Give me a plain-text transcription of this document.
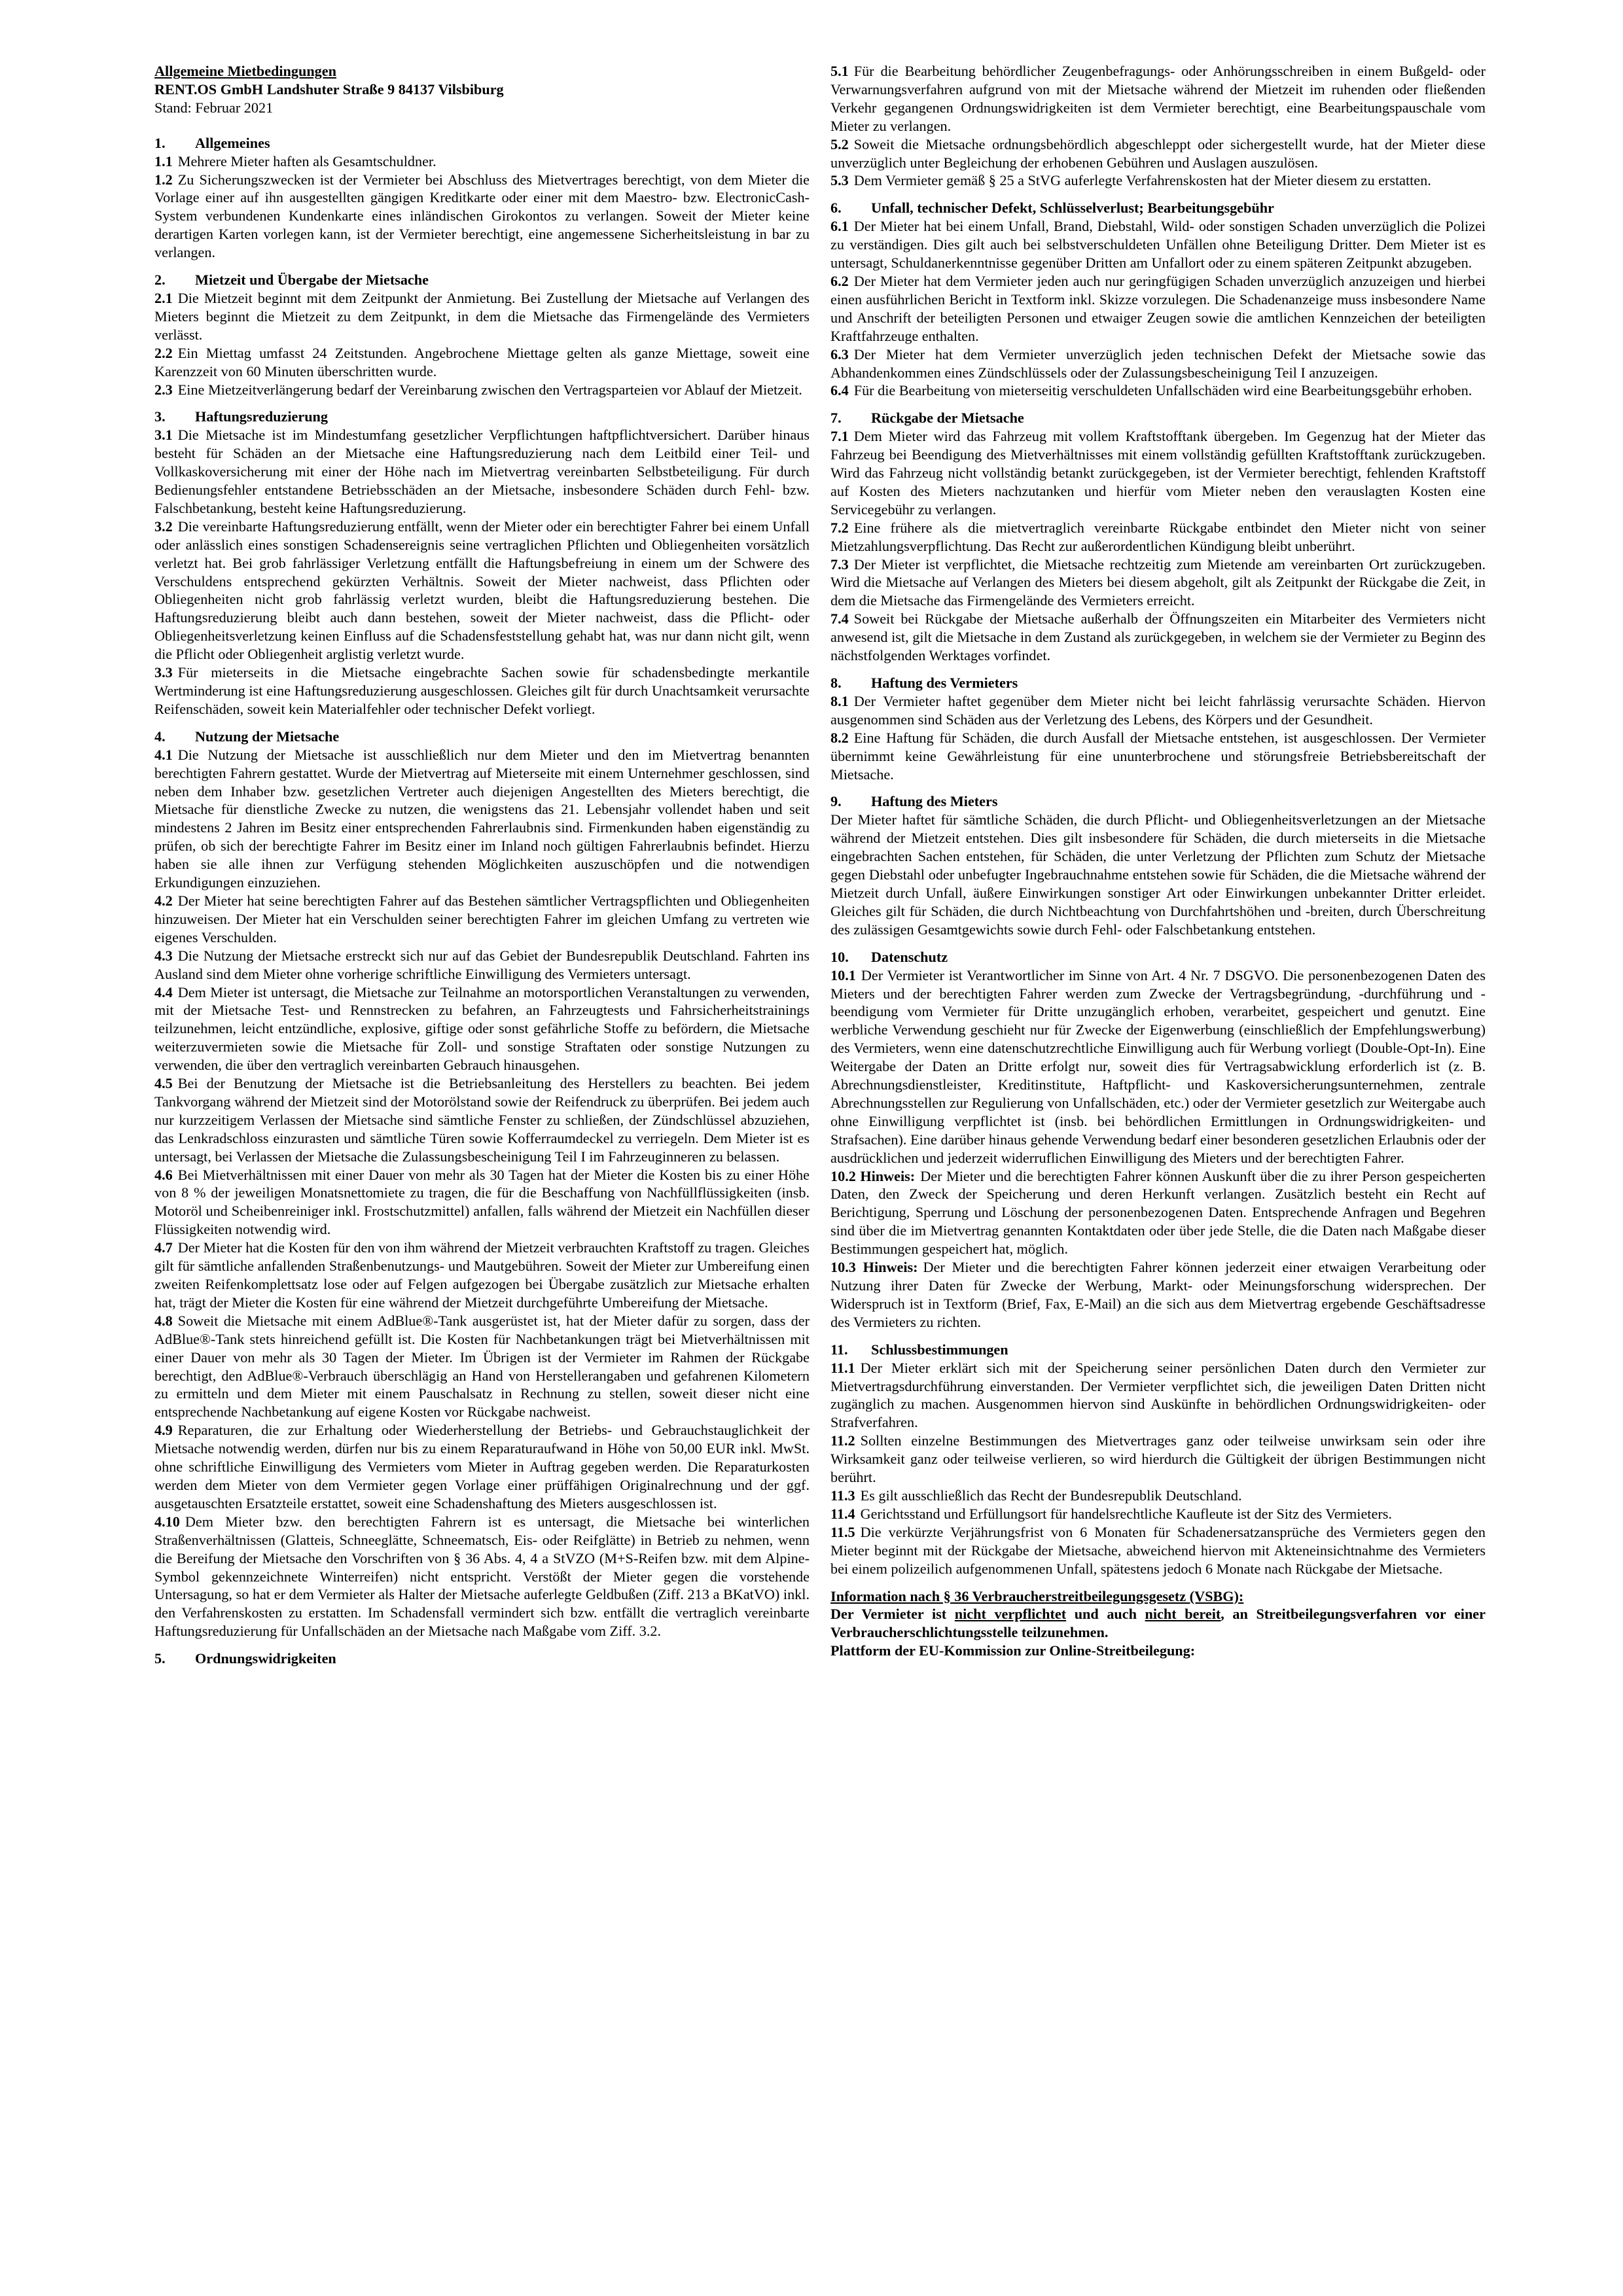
Allgemeine Mietbedingungen

RENT.OS GmbH Landshuter Straße 9 84137 Vilsbiburg

Stand: Februar 2021

1. Allgemeines

1.1 Mehrere Mieter haften als Gesamtschuldner.

1.2 Zu Sicherungszwecken ist der Vermieter bei Abschluss des Mietvertrages berechtigt, von dem Mieter die Vorlage einer auf ihn ausgestellten gängigen Kreditkarte oder einer mit dem Maestro- bzw. ElectronicCash-System verbundenen Kundenkarte eines inländischen Girokontos zu verlangen. Soweit der Mieter keine derartigen Karten vorlegen kann, ist der Vermieter berechtigt, eine angemessene Sicherheitsleistung in bar zu verlangen.

2. Mietzeit und Übergabe der Mietsache

2.1 Die Mietzeit beginnt mit dem Zeitpunkt der Anmietung. Bei Zustellung der Mietsache auf Verlangen des Mieters beginnt die Mietzeit zu dem Zeitpunkt, in dem die Mietsache das Firmengelände des Vermieters verlässt.

2.2 Ein Miettag umfasst 24 Zeitstunden. Angebrochene Miettage gelten als ganze Miettage, soweit eine Karenzzeit von 60 Minuten überschritten wurde.

2.3 Eine Mietzeitverlängerung bedarf der Vereinbarung zwischen den Vertragsparteien vor Ablauf der Mietzeit.

3. Haftungsreduzierung

3.1 Die Mietsache ist im Mindestumfang gesetzlicher Verpflichtungen haftpflichtversichert. Darüber hinaus besteht für Schäden an der Mietsache eine Haftungsreduzierung nach dem Leitbild einer Teil- und Vollkaskoversicherung mit einer der Höhe nach im Mietvertrag vereinbarten Selbstbeteiligung. Für durch Bedienungsfehler entstandene Betriebsschäden an der Mietsache, insbesondere Schäden durch Fehl- bzw. Falschbetankung, besteht keine Haftungsreduzierung.

3.2 Die vereinbarte Haftungsreduzierung entfällt, wenn der Mieter oder ein berechtigter Fahrer bei einem Unfall oder anlässlich eines sonstigen Schadensereignis seine vertraglichen Pflichten und Obliegenheiten vorsätzlich verletzt hat. Bei grob fahrlässiger Verletzung entfällt die Haftungsbefreiung in einem um der Schwere des Verschuldens entsprechend gekürzten Verhältnis. Soweit der Mieter nachweist, dass Pflichten oder Obliegenheiten nicht grob fahrlässig verletzt wurden, bleibt die Haftungsreduzierung bestehen. Die Haftungsreduzierung bleibt auch dann bestehen, soweit der Mieter nachweist, dass die Pflicht- oder Obliegenheitsverletzung keinen Einfluss auf die Schadensfeststellung gehabt hat, was nur dann nicht gilt, wenn die Pflicht oder Obliegenheit arglistig verletzt wurde.

3.3 Für mieterseits in die Mietsache eingebrachte Sachen sowie für schadensbedingte merkantile Wertminderung ist eine Haftungsreduzierung ausgeschlossen. Gleiches gilt für durch Unachtsamkeit verursachte Reifenschäden, soweit kein Materialfehler oder technischer Defekt vorliegt.

4. Nutzung der Mietsache

4.1 Die Nutzung der Mietsache ist ausschließlich nur dem Mieter und den im Mietvertrag benannten berechtigten Fahrern gestattet. Wurde der Mietvertrag auf Mieterseite mit einem Unternehmer geschlossen, sind neben dem Inhaber bzw. gesetzlichen Vertreter auch diejenigen Angestellten des Mieters berechtigt, die Mietsache für dienstliche Zwecke zu nutzen, die wenigstens das 21. Lebensjahr vollendet haben und seit mindestens 2 Jahren im Besitz einer entsprechenden Fahrerlaubnis sind. Firmenkunden haben eigenständig zu prüfen, ob sich der berechtigte Fahrer im Besitz einer im Inland noch gültigen Fahrerlaubnis befindet. Hierzu haben sie alle ihnen zur Verfügung stehenden Möglichkeiten auszuschöpfen und die notwendigen Erkundigungen einzuziehen.

4.2 Der Mieter hat seine berechtigten Fahrer auf das Bestehen sämtlicher Vertragspflichten und Obliegenheiten hinzuweisen. Der Mieter hat ein Verschulden seiner berechtigten Fahrer im gleichen Umfang zu vertreten wie eigenes Verschulden.

4.3 Die Nutzung der Mietsache erstreckt sich nur auf das Gebiet der Bundesrepublik Deutschland. Fahrten ins Ausland sind dem Mieter ohne vorherige schriftliche Einwilligung des Vermieters untersagt.

4.4 Dem Mieter ist untersagt, die Mietsache zur Teilnahme an motorsportlichen Veranstaltungen zu verwenden, mit der Mietsache Test- und Rennstrecken zu befahren, an Fahrzeugtests und Fahrsicherheitstrainings teilzunehmen, leicht entzündliche, explosive, giftige oder sonst gefährliche Stoffe zu befördern, die Mietsache weiterzuvermieten sowie die Mietsache für Zoll- und sonstige Straftaten oder sonstige Nutzungen zu verwenden, die über den vertraglich vereinbarten Gebrauch hinausgehen.

4.5 Bei der Benutzung der Mietsache ist die Betriebsanleitung des Herstellers zu beachten. Bei jedem Tankvorgang während der Mietzeit sind der Motorölstand sowie der Reifendruck zu überprüfen. Bei jedem auch nur kurzzeitigem Verlassen der Mietsache sind sämtliche Fenster zu schließen, der Zündschlüssel abzuziehen, das Lenkradschloss einzurasten und sämtliche Türen sowie Kofferraumdeckel zu verriegeln. Dem Mieter ist es untersagt, bei Verlassen der Mietsache die Zulassungsbescheinigung Teil I im Fahrzeuginneren zu belassen.

4.6 Bei Mietverhältnissen mit einer Dauer von mehr als 30 Tagen hat der Mieter die Kosten bis zu einer Höhe von 8 % der jeweiligen Monatsnettomiete zu tragen, die für die Beschaffung von Nachfüllflüssigkeiten (insb. Motoröl und Scheibenreiniger inkl. Frostschutzmittel) anfallen, falls während der Mietzeit ein Nachfüllen dieser Flüssigkeiten notwendig wird.

4.7 Der Mieter hat die Kosten für den von ihm während der Mietzeit verbrauchten Kraftstoff zu tragen. Gleiches gilt für sämtliche anfallenden Straßenbenutzungs- und Mautgebühren. Soweit der Mieter zur Umbereifung einen zweiten Reifenkomplettsatz lose oder auf Felgen aufgezogen bei Übergabe zusätzlich zur Mietsache erhalten hat, trägt der Mieter die Kosten für eine während der Mietzeit durchgeführte Umbereifung der Mietsache.

4.8 Soweit die Mietsache mit einem AdBlue®-Tank ausgerüstet ist, hat der Mieter dafür zu sorgen, dass der AdBlue®-Tank stets hinreichend gefüllt ist. Die Kosten für Nachbetankungen trägt bei Mietverhältnissen mit einer Dauer von mehr als 30 Tagen der Mieter. Im Übrigen ist der Vermieter im Rahmen der Rückgabe berechtigt, den AdBlue®-Verbrauch überschlägig an Hand von Herstellerangaben und gefahrenen Kilometern zu ermitteln und dem Mieter mit einem Pauschalsatz in Rechnung zu stellen, soweit dieser nicht eine entsprechende Nachbetankung auf eigene Kosten vor Rückgabe nachweist.

4.9 Reparaturen, die zur Erhaltung oder Wiederherstellung der Betriebs- und Gebrauchstauglichkeit der Mietsache notwendig werden, dürfen nur bis zu einem Reparaturaufwand in Höhe von 50,00 EUR inkl. MwSt. ohne schriftliche Einwilligung des Vermieters vom Mieter in Auftrag gegeben werden. Die Reparaturkosten werden dem Mieter von dem Vermieter gegen Vorlage einer prüffähigen Originalrechnung und der ggf. ausgetauschten Ersatzteile erstattet, soweit eine Schadenshaftung des Mieters ausgeschlossen ist.

4.10 Dem Mieter bzw. den berechtigten Fahrern ist es untersagt, die Mietsache bei winterlichen Straßenverhältnissen (Glatteis, Schneeglätte, Schneematsch, Eis- oder Reifglätte) in Betrieb zu nehmen, wenn die Bereifung der Mietsache den Vorschriften von § 36 Abs. 4, 4 a StVZO (M+S-Reifen bzw. mit dem Alpine-Symbol gekennzeichnete Winterreifen) nicht entspricht. Verstößt der Mieter gegen die vorstehende Untersagung, so hat er dem Vermieter als Halter der Mietsache auferlegte Geldbußen (Ziff. 213 a BKatVO) inkl. den Verfahrenskosten zu erstatten. Im Schadensfall vermindert sich bzw. entfällt die vertraglich vereinbarte Haftungsreduzierung für Unfallschäden an der Mietsache nach Maßgabe vom Ziff. 3.2.

5. Ordnungswidrigkeiten

5.1 Für die Bearbeitung behördlicher Zeugenbefragungs- oder Anhörungsschreiben in einem Bußgeld- oder Verwarnungsverfahren aufgrund von mit der Mietsache während der Mietzeit im ruhenden oder fließenden Verkehr gegangenen Ordnungswidrigkeiten ist dem Vermieter berechtigt, eine Bearbeitungspauschale vom Mieter zu verlangen.

5.2 Soweit die Mietsache ordnungsbehördlich abgeschleppt oder sichergestellt wurde, hat der Mieter diese unverzüglich unter Begleichung der erhobenen Gebühren und Auslagen auszulösen.

5.3 Dem Vermieter gemäß § 25 a StVG auferlegte Verfahrenskosten hat der Mieter diesem zu erstatten.

6. Unfall, technischer Defekt, Schlüsselverlust; Bearbeitungsgebühr

6.1 Der Mieter hat bei einem Unfall, Brand, Diebstahl, Wild- oder sonstigen Schaden unverzüglich die Polizei zu verständigen. Dies gilt auch bei selbstverschuldeten Unfällen ohne Beteiligung Dritter. Dem Mieter ist es untersagt, Schuldanerkenntnisse gegenüber Dritten am Unfallort oder zu einem späteren Zeitpunkt abzugeben.

6.2 Der Mieter hat dem Vermieter jeden auch nur geringfügigen Schaden unverzüglich anzuzeigen und hierbei einen ausführlichen Bericht in Textform inkl. Skizze vorzulegen. Die Schadenanzeige muss insbesondere Name und Anschrift der beteiligten Personen und etwaiger Zeugen sowie die amtlichen Kennzeichen der beteiligten Kraftfahrzeuge enthalten.

6.3 Der Mieter hat dem Vermieter unverzüglich jeden technischen Defekt der Mietsache sowie das Abhandenkommen eines Zündschlüssels oder der Zulassungsbescheinigung Teil I anzuzeigen.

6.4 Für die Bearbeitung von mieterseitig verschuldeten Unfallschäden wird eine Bearbeitungsgebühr erhoben.

7. Rückgabe der Mietsache

7.1 Dem Mieter wird das Fahrzeug mit vollem Kraftstofftank übergeben. Im Gegenzug hat der Mieter das Fahrzeug bei Beendigung des Mietverhältnisses mit einem vollständig gefüllten Kraftstofftank zurückzugeben. Wird das Fahrzeug nicht vollständig betankt zurückgegeben, ist der Vermieter berechtigt, fehlenden Kraftstoff auf Kosten des Mieters nachzutanken und hierfür vom Mieter neben den verauslagten Kosten eine Servicegebühr zu verlangen.

7.2 Eine frühere als die mietvertraglich vereinbarte Rückgabe entbindet den Mieter nicht von seiner Mietzahlungsverpflichtung. Das Recht zur außerordentlichen Kündigung bleibt unberührt.

7.3 Der Mieter ist verpflichtet, die Mietsache rechtzeitig zum Mietende am vereinbarten Ort zurückzugeben. Wird die Mietsache auf Verlangen des Mieters bei diesem abgeholt, gilt als Zeitpunkt der Rückgabe die Zeit, in dem die Mietsache das Firmengelände des Vermieters erreicht.

7.4 Soweit bei Rückgabe der Mietsache außerhalb der Öffnungszeiten ein Mitarbeiter des Vermieters nicht anwesend ist, gilt die Mietsache in dem Zustand als zurückgegeben, in welchem sie der Vermieter zu Beginn des nächstfolgenden Werktages vorfindet.

8. Haftung des Vermieters

8.1 Der Vermieter haftet gegenüber dem Mieter nicht bei leicht fahrlässig verursachte Schäden. Hiervon ausgenommen sind Schäden aus der Verletzung des Lebens, des Körpers und der Gesundheit.

8.2 Eine Haftung für Schäden, die durch Ausfall der Mietsache entstehen, ist ausgeschlossen. Der Vermieter übernimmt keine Gewährleistung für eine ununterbrochene und störungsfreie Betriebsbereitschaft der Mietsache.

9. Haftung des Mieters

Der Mieter haftet für sämtliche Schäden, die durch Pflicht- und Obliegenheitsverletzungen an der Mietsache während der Mietzeit entstehen. Dies gilt insbesondere für Schäden, die durch mieterseits in die Mietsache eingebrachten Sachen entstehen, für Schäden, die unter Verletzung der Pflichten zum Schutz der Mietsache gegen Diebstahl oder unbefugter Ingebrauchnahme entstehen sowie für Schäden, die die Mietsache während der Mietzeit durch Unfall, äußere Einwirkungen sonstiger Art oder Einwirkungen unbekannter Dritter erleidet. Gleiches gilt für Schäden, die durch Nichtbeachtung von Durchfahrtshöhen und -breiten, durch Überschreitung des zulässigen Gesamtgewichts sowie durch Fehl- oder Falschbetankung entstehen.

10. Datenschutz

10.1 Der Vermieter ist Verantwortlicher im Sinne von Art. 4 Nr. 7 DSGVO. Die personenbezogenen Daten des Mieters und der berechtigten Fahrer werden zum Zwecke der Vertragsbegründung, -durchführung und -beendigung vom Vermieter für Dritte unzugänglich erhoben, verarbeitet, gespeichert und genutzt. Eine werbliche Verwendung geschieht nur für Zwecke der Eigenwerbung (einschließlich der Empfehlungswerbung) des Vermieters, wenn eine datenschutzrechtliche Einwilligung auch für Werbung vorliegt (Double-Opt-In). Eine Weitergabe der Daten an Dritte erfolgt nur, soweit dies für Vertragsabwicklung erforderlich ist (z. B. Abrechnungsdienstleister, Kreditinstitute, Haftpflicht- und Kaskoversicherungsunternehmen, zentrale Abrechnungsstellen zur Regulierung von Unfallschäden, etc.) oder der Vermieter gesetzlich zur Weitergabe auch ohne Einwilligung verpflichtet ist (insb. bei behördlichen Ermittlungen in Ordnungswidrigkeiten- und Strafsachen). Eine darüber hinaus gehende Verwendung bedarf einer besonderen gesetzlichen Erlaubnis oder der ausdrücklichen und jederzeit widerruflichen Einwilligung des Mieters und der berechtigten Fahrer.

10.2 Hinweis: Der Mieter und die berechtigten Fahrer können Auskunft über die zu ihrer Person gespeicherten Daten, den Zweck der Speicherung und deren Herkunft verlangen. Zusätzlich besteht ein Recht auf Berichtigung, Sperrung und Löschung der personenbezogenen Daten. Entsprechende Anfragen und Begehren sind über die im Mietvertrag genannten Kontaktdaten oder über jede Stelle, die die Daten nach Maßgabe dieser Bestimmungen gespeichert hat, möglich.

10.3 Hinweis: Der Mieter und die berechtigten Fahrer können jederzeit einer etwaigen Verarbeitung oder Nutzung ihrer Daten für Zwecke der Werbung, Markt- oder Meinungsforschung widersprechen. Der Widerspruch ist in Textform (Brief, Fax, E-Mail) an die sich aus dem Mietvertrag ergebende Geschäftsadresse des Vermieters zu richten.

11. Schlussbestimmungen

11.1 Der Mieter erklärt sich mit der Speicherung seiner persönlichen Daten durch den Vermieter zur Mietvertragsdurchführung einverstanden. Der Vermieter verpflichtet sich, die jeweiligen Daten Dritten nicht zugänglich zu machen. Ausgenommen hiervon sind Auskünfte in behördlichen Ordnungswidrigkeiten- oder Strafverfahren.

11.2 Sollten einzelne Bestimmungen des Mietvertrages ganz oder teilweise unwirksam sein oder ihre Wirksamkeit ganz oder teilweise verlieren, so wird hierdurch die Gültigkeit der übrigen Bestimmungen nicht berührt.

11.3 Es gilt ausschließlich das Recht der Bundesrepublik Deutschland.

11.4 Gerichtsstand und Erfüllungsort für handelsrechtliche Kaufleute ist der Sitz des Vermieters.

11.5 Die verkürzte Verjährungsfrist von 6 Monaten für Schadenersatzansprüche des Vermieters gegen den Mieter beginnt mit der Rückgabe der Mietsache, abweichend hiervon mit Akteneinsichtnahme des Vermieters bei einem polizeilich aufgenommenen Unfall, spätestens jedoch 6 Monate nach Rückgabe der Mietsache.

Information nach § 36 Verbraucherstreitbeilegungsgesetz (VSBG):

Der Vermieter ist nicht verpflichtet und auch nicht bereit, an Streitbeilegungsverfahren vor einer Verbraucherschlichtungsstelle teilzunehmen.

Plattform der EU-Kommission zur Online-Streitbeilegung:
